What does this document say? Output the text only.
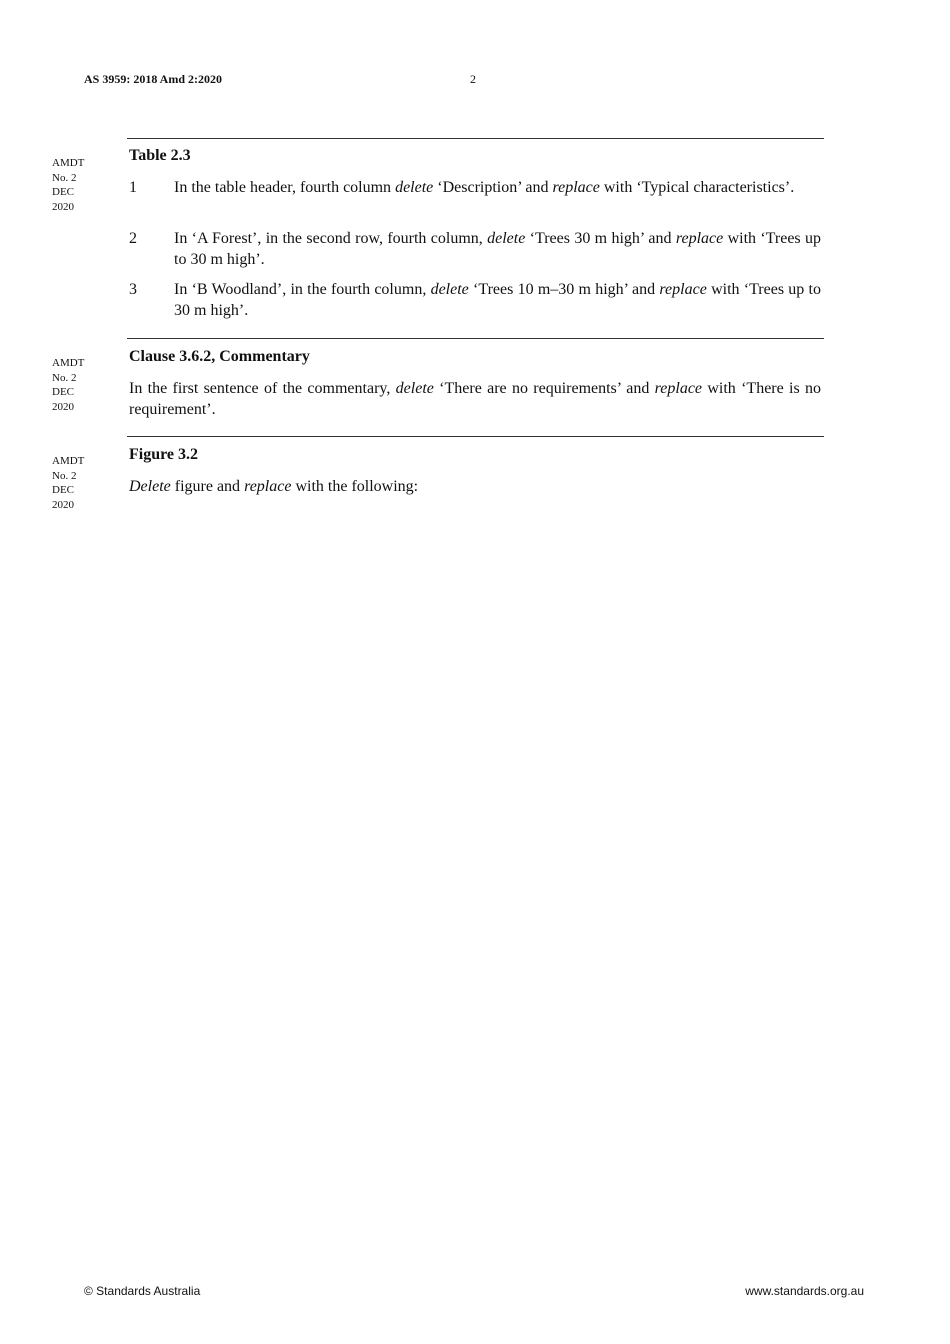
AS 3959: 2018 Amd 2:2020	2
AMDT
No. 2
DEC
2020
Table 2.3
1	In the table header, fourth column delete ‘Description’ and replace with ‘Typical characteristics’.
2	In ‘A Forest’, in the second row, fourth column, delete ‘Trees 30 m high’ and replace with ‘Trees up to 30 m high’.
3	In ‘B Woodland’, in the fourth column, delete ‘Trees 10 m–30 m high’ and replace with ‘Trees up to 30 m high’.
AMDT
No. 2
DEC
2020
Clause 3.6.2, Commentary
In the first sentence of the commentary, delete ‘There are no requirements’ and replace with ‘There is no requirement’.
AMDT
No. 2
DEC
2020
Figure 3.2
Delete figure and replace with the following:
© Standards Australia	www.standards.org.au
